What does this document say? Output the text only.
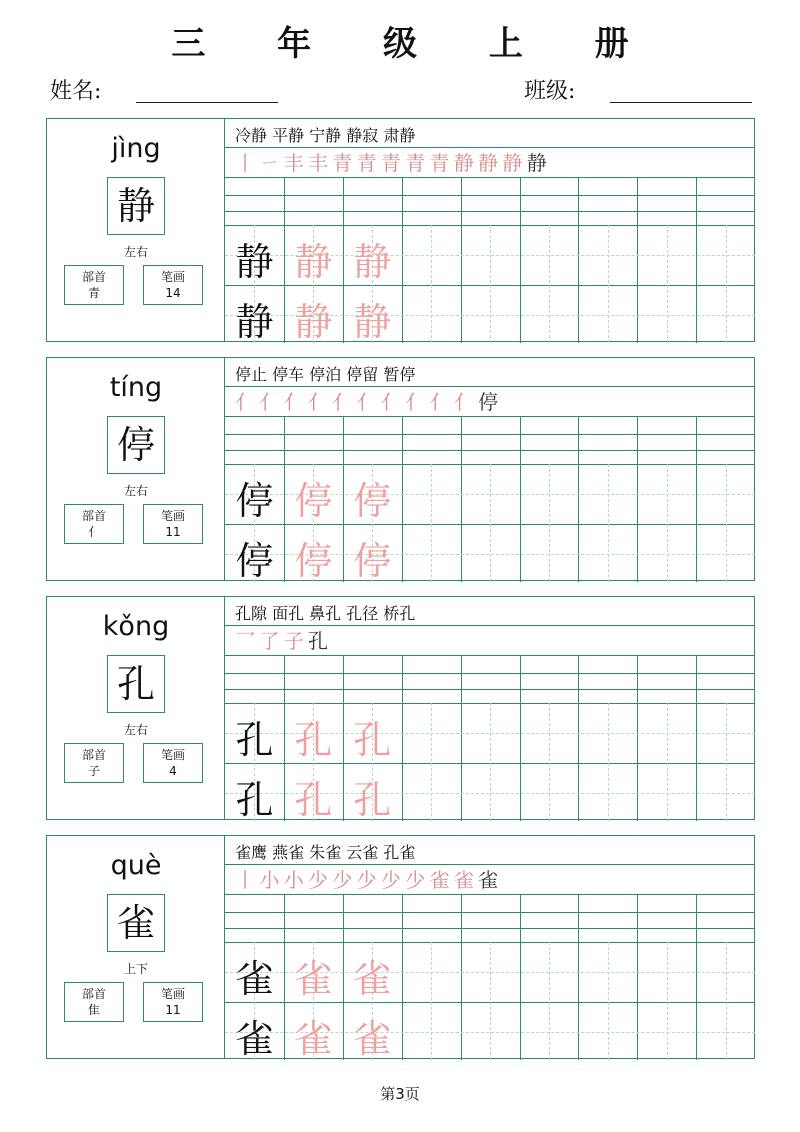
三 年 级 上 册
姓名:	班级:
jìng
静
左右
部首
青
笔画
14
冷静 平静 宁静 静寂 肃静
丨 ㄧ 丰 丰 青 青 青 青 青 静 静 静 静
静 静 静
静 静 静
tíng
停
左右
部首
亻
笔画
11
停止 停车 停泊 停留 暂停
亻 亻 亻 亻 亻 亻 亻 亻 亻 亻 停
停 停 停
停 停 停
kǒng
孔
左右
部首
子
笔画
4
孔隙 面孔 鼻孔 孔径 桥孔
乛 了 子 孔
孔 孔 孔
孔 孔 孔
què
雀
上下
部首
隹
笔画
11
雀鹰 燕雀 朱雀 云雀 孔雀
丨 小 小 少 少 少 少 少 雀 雀 雀
雀 雀 雀
雀 雀 雀
第3页
